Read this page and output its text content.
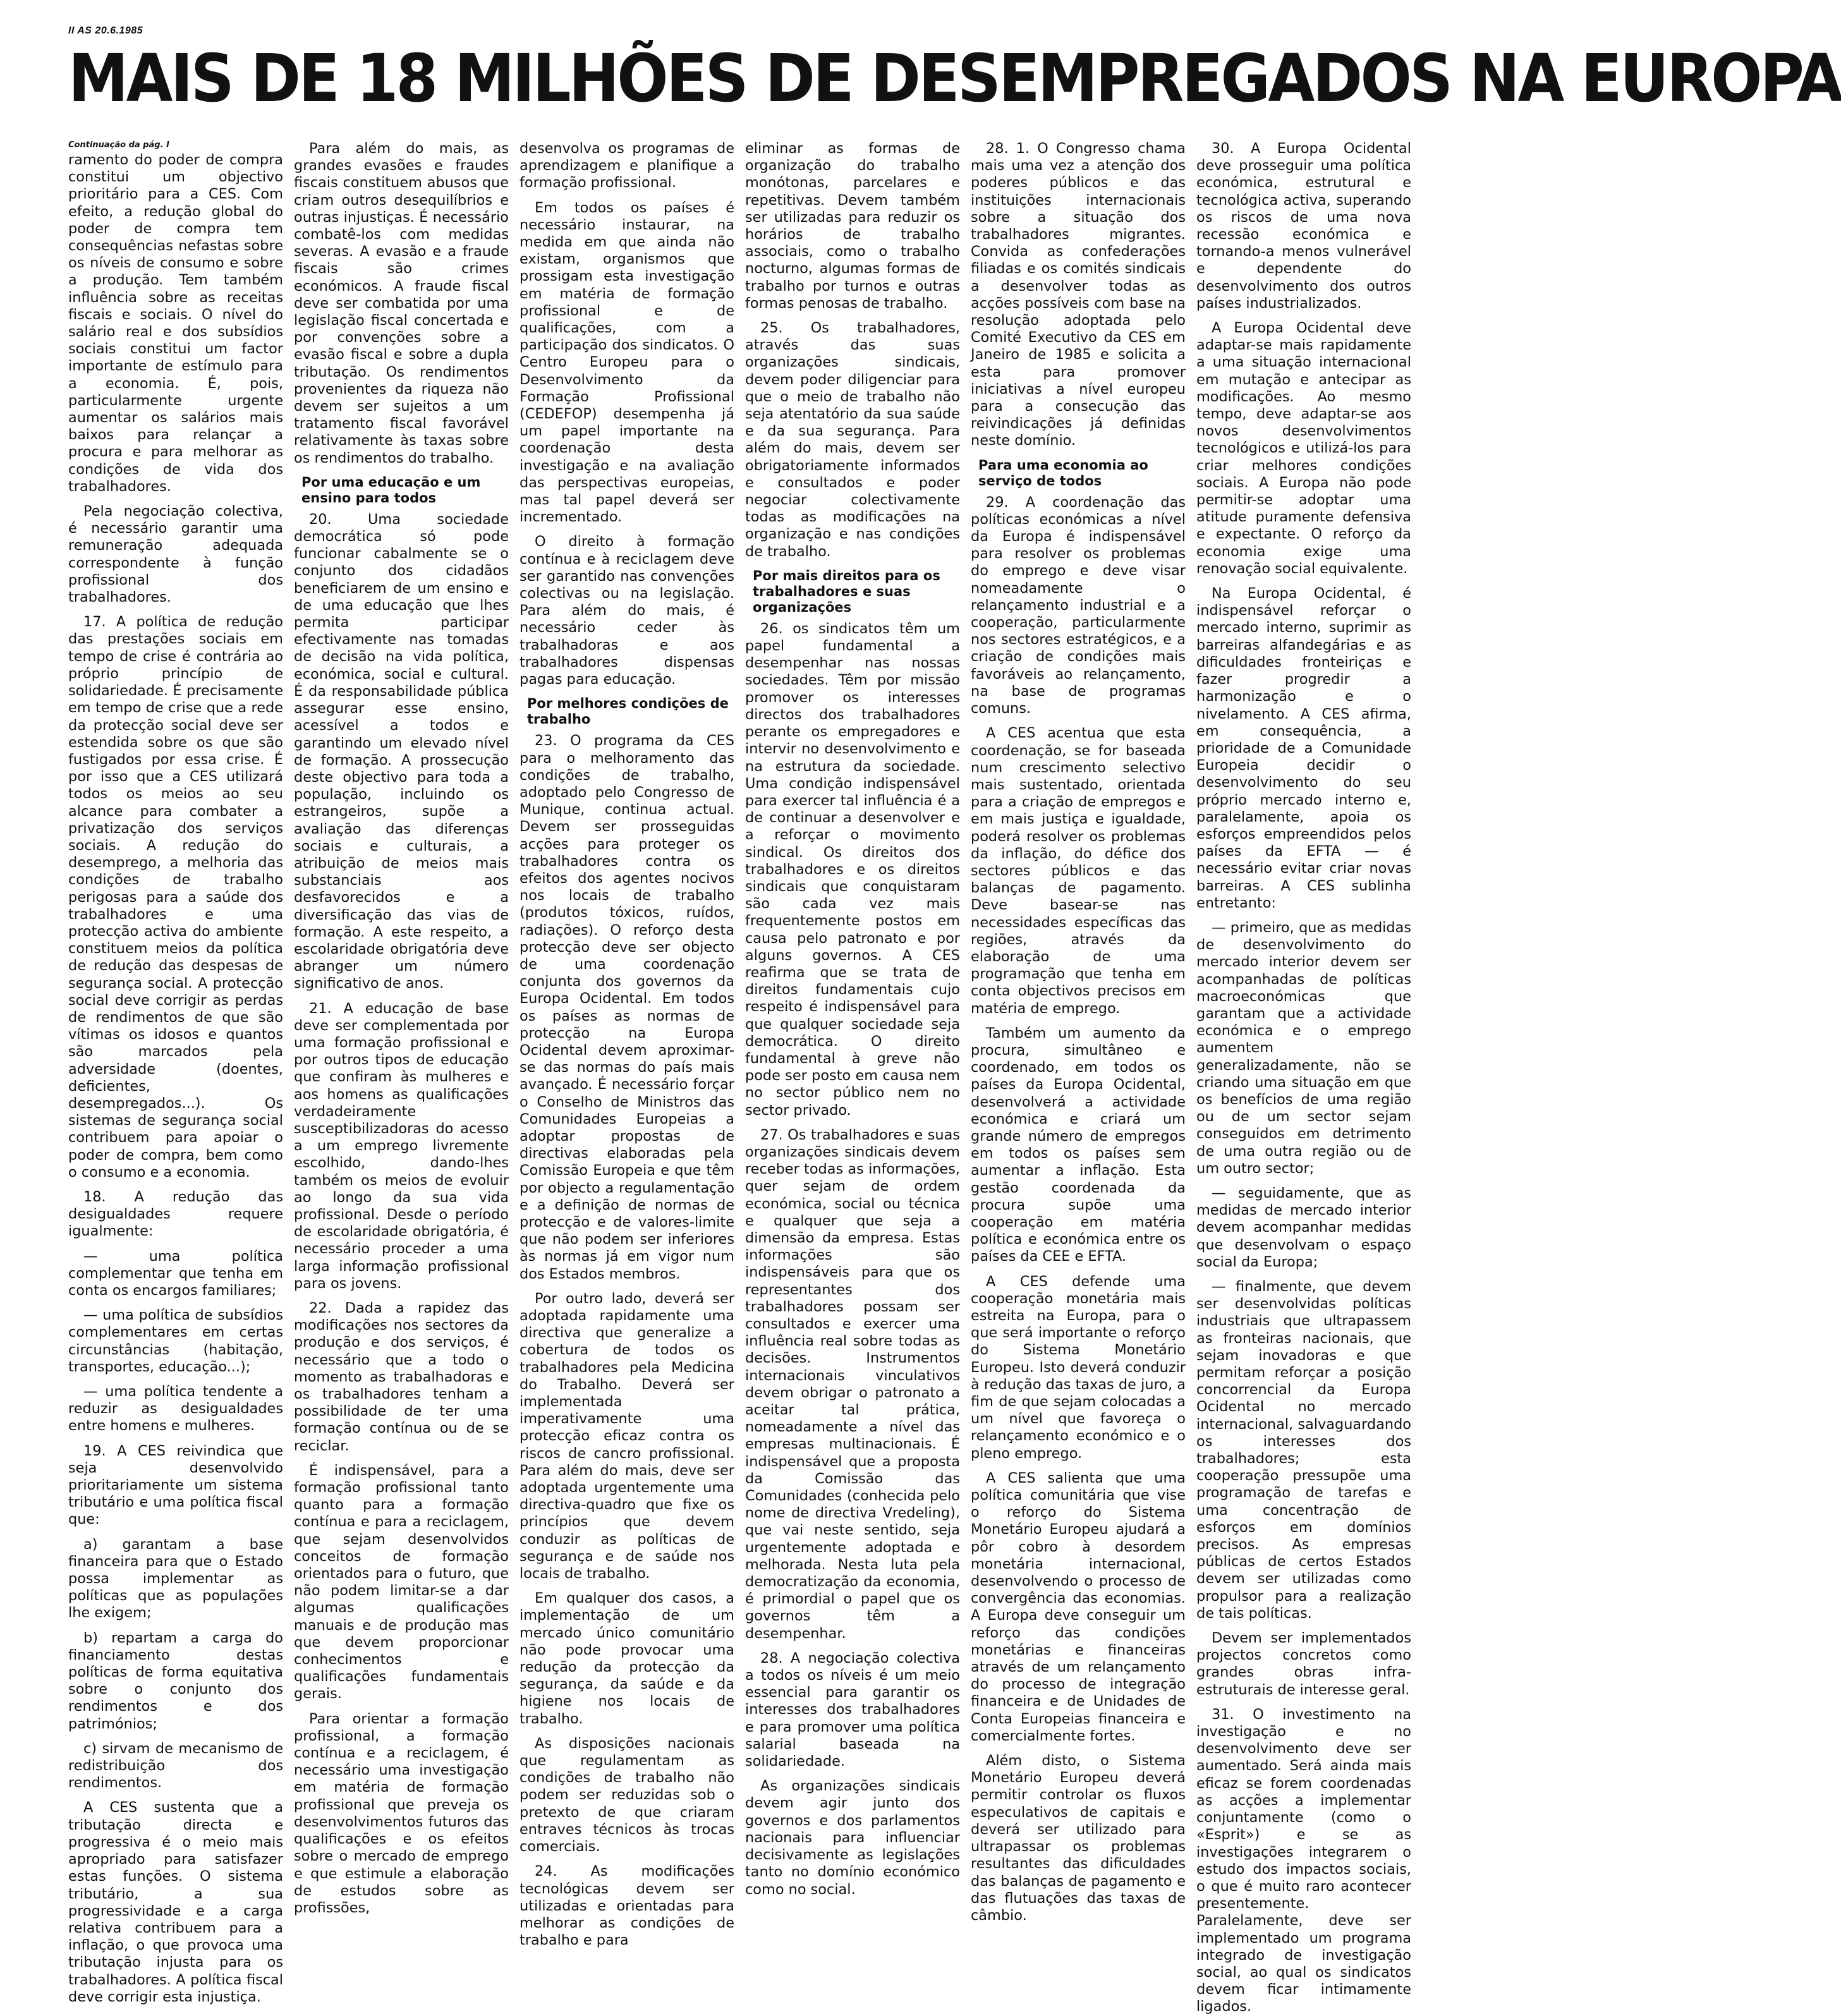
II AS 20.6.1985
MAIS DE 18 MILHÕES DE DESEMPREGADOS NA EUROPA
Continuação da pág. I

ramento do poder de compra constitui um objectivo prioritário para a CES. Com efeito, a redução global do poder de compra tem consequências nefastas sobre os níveis de consumo e sobre a produção. Tem também influência sobre as receitas fiscais e sociais. O nível do salário real e dos subsídios sociais constitui um factor importante de estímulo para a economia. É, pois, particularmente urgente aumentar os salários mais baixos para relançar a procura e para melhorar as condições de vida dos trabalhadores.

Pela negociação colectiva, é necessário garantir uma remuneração adequada correspondente à função profissional dos trabalhadores.

17. A política de redução das prestações sociais em tempo de crise é contrária ao próprio princípio de solidariedade. É precisamente em tempo de crise que a rede da protecção social deve ser estendida sobre os que são fustigados por essa crise. É por isso que a CES utilizará todos os meios ao seu alcance para combater a privatização dos serviços sociais. A redução do desemprego, a melhoria das condições de trabalho perigosas para a saúde dos trabalhadores e uma protecção activa do ambiente constituem meios da política de redução das despesas de segurança social. A protecção social deve corrigir as perdas de rendimentos de que são vítimas os idosos e quantos são marcados pela adversidade (doentes, deficientes, desempregados...). Os sistemas de segurança social contribuem para apoiar o poder de compra, bem como o consumo e a economia.

18. A redução das desigualdades requere igualmente:

— uma política complementar que tenha em conta os encargos familiares;

— uma política de subsídios complementares em certas circunstâncias (habitação, transportes, educação...);

— uma política tendente a reduzir as desigualdades entre homens e mulheres.

19. A CES reivindica que seja desenvolvido prioritariamente um sistema tributário e uma política fiscal que:

a) garantam a base financeira para que o Estado possa implementar as políticas que as populações lhe exigem;

b) repartam a carga do financiamento destas políticas de forma equitativa sobre o conjunto dos rendimentos e dos patrimónios;

c) sirvam de mecanismo de redistribuição dos rendimentos.

A CES sustenta que a tributação directa e progressiva é o meio mais apropriado para satisfazer estas funções. O sistema tributário, a sua progressividade e a carga relativa contribuem para a inflação, o que provoca uma tributação injusta para os trabalhadores. A política fiscal deve corrigir esta injustiça.

Para além do mais, as grandes evasões e fraudes fiscais constituem abusos que criam outros desequilíbrios e outras injustiças. É necessário combatê-los com medidas severas. A evasão e a fraude fiscais são crimes económicos. A fraude fiscal deve ser combatida por uma legislação fiscal concertada e por convenções sobre a evasão fiscal e sobre a dupla tributação. Os rendimentos provenientes da riqueza não devem ser sujeitos a um tratamento fiscal favorável relativamente às taxas sobre os rendimentos do trabalho.

Por uma educação e um ensino para todos

20. Uma sociedade democrática só pode funcionar cabalmente se o conjunto dos cidadãos beneficiarem de um ensino e de uma educação que lhes permita participar efectivamente nas tomadas de decisão na vida política, económica, social e cultural. É da responsabilidade pública assegurar esse ensino, acessível a todos e garantindo um elevado nível de formação. A prossecução deste objectivo para toda a população, incluindo os estrangeiros, supõe a avaliação das diferenças sociais e culturais, a atribuição de meios mais substanciais aos desfavorecidos e a diversificação das vias de formação. A este respeito, a escolaridade obrigatória deve abranger um número significativo de anos.

21. A educação de base deve ser complementada por uma formação profissional e por outros tipos de educação que confiram às mulheres e aos homens as qualificações verdadeiramente susceptibilizadoras do acesso a um emprego livremente escolhido, dando-lhes também os meios de evoluir ao longo da sua vida profissional. Desde o período de escolaridade obrigatória, é necessário proceder a uma larga informação profissional para os jovens.

22. Dada a rapidez das modificações nos sectores da produção e dos serviços, é necessário que a todo o momento as trabalhadoras e os trabalhadores tenham a possibilidade de ter uma formação contínua ou de se reciclar.

É indispensável, para a formação profissional tanto quanto para a formação contínua e para a reciclagem, que sejam desenvolvidos conceitos de formação orientados para o futuro, que não podem limitar-se a dar algumas qualificações manuais e de produção mas que devem proporcionar conhecimentos e qualificações fundamentais gerais.

Para orientar a formação profissional, a formação contínua e a reciclagem, é necessário uma investigação em matéria de formação profissional que preveja os desenvolvimentos futuros das qualificações e os efeitos sobre o mercado de emprego e que estimule a elaboração de estudos sobre as profissões,

desenvolva os programas de aprendizagem e planifique a formação profissional.

Em todos os países é necessário instaurar, na medida em que ainda não existam, organismos que prossigam esta investigação em matéria de formação profissional e de qualificações, com a participação dos sindicatos. O Centro Europeu para o Desenvolvimento da Formação Profissional (CEDEFOP) desempenha já um papel importante na coordenação desta investigação e na avaliação das perspectivas europeias, mas tal papel deverá ser incrementado.

O direito à formação contínua e à reciclagem deve ser garantido nas convenções colectivas ou na legislação. Para além do mais, é necessário ceder às trabalhadoras e aos trabalhadores dispensas pagas para educação.

Por melhores condições de trabalho

23. O programa da CES para o melhoramento das condições de trabalho, adoptado pelo Congresso de Munique, continua actual. Devem ser prosseguidas acções para proteger os trabalhadores contra os efeitos dos agentes nocivos nos locais de trabalho (produtos tóxicos, ruídos, radiações). O reforço desta protecção deve ser objecto de uma coordenação conjunta dos governos da Europa Ocidental. Em todos os países as normas de protecção na Europa Ocidental devem aproximar-se das normas do país mais avançado. É necessário forçar o Conselho de Ministros das Comunidades Europeias a adoptar propostas de directivas elaboradas pela Comissão Europeia e que têm por objecto a regulamentação e a definição de normas de protecção e de valores-limite que não podem ser inferiores às normas já em vigor num dos Estados membros.

Por outro lado, deverá ser adoptada rapidamente uma directiva que generalize a cobertura de todos os trabalhadores pela Medicina do Trabalho. Deverá ser implementada imperativamente uma protecção eficaz contra os riscos de cancro profissional. Para além do mais, deve ser adoptada urgentemente uma directiva-quadro que fixe os princípios que devem conduzir as políticas de segurança e de saúde nos locais de trabalho.

Em qualquer dos casos, a implementação de um mercado único comunitário não pode provocar uma redução da protecção da segurança, da saúde e da higiene nos locais de trabalho.

As disposições nacionais que regulamentam as condições de trabalho não podem ser reduzidas sob o pretexto de que criaram entraves técnicos às trocas comerciais.

24. As modificações tecnológicas devem ser utilizadas e orientadas para melhorar as condições de trabalho e para

eliminar as formas de organização do trabalho monótonas, parcelares e repetitivas. Devem também ser utilizadas para reduzir os horários de trabalho associais, como o trabalho nocturno, algumas formas de trabalho por turnos e outras formas penosas de trabalho.

25. Os trabalhadores, através das suas organizações sindicais, devem poder diligenciar para que o meio de trabalho não seja atentatório da sua saúde e da sua segurança. Para além do mais, devem ser obrigatoriamente informados e consultados e poder negociar colectivamente todas as modificações na organização e nas condições de trabalho.

Por mais direitos para os trabalhadores e suas organizações

26. os sindicatos têm um papel fundamental a desempenhar nas nossas sociedades. Têm por missão promover os interesses directos dos trabalhadores perante os empregadores e intervir no desenvolvimento e na estrutura da sociedade. Uma condição indispensável para exercer tal influência é a de continuar a desenvolver e a reforçar o movimento sindical. Os direitos dos trabalhadores e os direitos sindicais que conquistaram são cada vez mais frequentemente postos em causa pelo patronato e por alguns governos. A CES reafirma que se trata de direitos fundamentais cujo respeito é indispensável para que qualquer sociedade seja democrática. O direito fundamental à greve não pode ser posto em causa nem no sector público nem no sector privado.

27. Os trabalhadores e suas organizações sindicais devem receber todas as informações, quer sejam de ordem económica, social ou técnica e qualquer que seja a dimensão da empresa. Estas informações são indispensáveis para que os representantes dos trabalhadores possam ser consultados e exercer uma influência real sobre todas as decisões. Instrumentos internacionais vinculativos devem obrigar o patronato a aceitar tal prática, nomeadamente a nível das empresas multinacionais. É indispensável que a proposta da Comissão das Comunidades (conhecida pelo nome de directiva Vredeling), que vai neste sentido, seja urgentemente adoptada e melhorada. Nesta luta pela democratização da economia, é primordial o papel que os governos têm a desempenhar.

28. A negociação colectiva a todos os níveis é um meio essencial para garantir os interesses dos trabalhadores e para promover uma política salarial baseada na solidariedade.

As organizações sindicais devem agir junto dos governos e dos parlamentos nacionais para influenciar decisivamente as legislações tanto no domínio económico como no social.

28. 1. O Congresso chama mais uma vez a atenção dos poderes públicos e das instituições internacionais sobre a situação dos trabalhadores migrantes. Convida as confederações filiadas e os comités sindicais a desenvolver todas as acções possíveis com base na resolução adoptada pelo Comité Executivo da CES em Janeiro de 1985 e solicita a esta para promover iniciativas a nível europeu para a consecução das reivindicações já definidas neste domínio.

Para uma economia ao serviço de todos

29. A coordenação das políticas económicas a nível da Europa é indispensável para resolver os problemas do emprego e deve visar nomeadamente o relançamento industrial e a cooperação, particularmente nos sectores estratégicos, e a criação de condições mais favoráveis ao relançamento, na base de programas comuns.

A CES acentua que esta coordenação, se for baseada num crescimento selectivo mais sustentado, orientada para a criação de empregos e em mais justiça e igualdade, poderá resolver os problemas da inflação, do défice dos sectores públicos e das balanças de pagamento. Deve basear-se nas necessidades específicas das regiões, através da elaboração de uma programação que tenha em conta objectivos precisos em matéria de emprego.

Também um aumento da procura, simultâneo e coordenado, em todos os países da Europa Ocidental, desenvolverá a actividade económica e criará um grande número de empregos em todos os países sem aumentar a inflação. Esta gestão coordenada da procura supõe uma cooperação em matéria política e económica entre os países da CEE e EFTA.

A CES defende uma cooperação monetária mais estreita na Europa, para o que será importante o reforço do Sistema Monetário Europeu. Isto deverá conduzir à redução das taxas de juro, a fim de que sejam colocadas a um nível que favoreça o relançamento económico e o pleno emprego.

A CES salienta que uma política comunitária que vise o reforço do Sistema Monetário Europeu ajudará a pôr cobro à desordem monetária internacional, desenvolvendo o processo de convergência das economias. A Europa deve conseguir um reforço das condições monetárias e financeiras através de um relançamento do processo de integração financeira e de Unidades de Conta Europeias financeira e comercialmente fortes.

Além disto, o Sistema Monetário Europeu deverá permitir controlar os fluxos especulativos de capitais e deverá ser utilizado para ultrapassar os problemas resultantes das dificuldades das balanças de pagamento e das flutuações das taxas de câmbio.

30. A Europa Ocidental deve prosseguir uma política económica, estrutural e tecnológica activa, superando os riscos de uma nova recessão económica e tornando-a menos vulnerável e dependente do desenvolvimento dos outros países industrializados.

A Europa Ocidental deve adaptar-se mais rapidamente a uma situação internacional em mutação e antecipar as modificações. Ao mesmo tempo, deve adaptar-se aos novos desenvolvimentos tecnológicos e utilizá-los para criar melhores condições sociais. A Europa não pode permitir-se adoptar uma atitude puramente defensiva e expectante. O reforço da economia exige uma renovação social equivalente.

Na Europa Ocidental, é indispensável reforçar o mercado interno, suprimir as barreiras alfandegárias e as dificuldades fronteiriças e fazer progredir a harmonização e o nivelamento. A CES afirma, em consequência, a prioridade de a Comunidade Europeia decidir o desenvolvimento do seu próprio mercado interno e, paralelamente, apoia os esforços empreendidos pelos países da EFTA — é necessário evitar criar novas barreiras. A CES sublinha entretanto:

— primeiro, que as medidas de desenvolvimento do mercado interior devem ser acompanhadas de políticas macroeconómicas que garantam que a actividade económica e o emprego aumentem generalizadamente, não se criando uma situação em que os benefícios de uma região ou de um sector sejam conseguidos em detrimento de uma outra região ou de um outro sector;

— seguidamente, que as medidas de mercado interior devem acompanhar medidas que desenvolvam o espaço social da Europa;

— finalmente, que devem ser desenvolvidas políticas industriais que ultrapassem as fronteiras nacionais, que sejam inovadoras e que permitam reforçar a posição concorrencial da Europa Ocidental no mercado internacional, salvaguardando os interesses dos trabalhadores; esta cooperação pressupõe uma programação de tarefas e uma concentração de esforços em domínios precisos. As empresas públicas de certos Estados devem ser utilizadas como propulsor para a realização de tais políticas.

Devem ser implementados projectos concretos como grandes obras infra-estruturais de interesse geral.

31. O investimento na investigação e no desenvolvimento deve ser aumentado. Será ainda mais eficaz se forem coordenadas as acções a implementar conjuntamente (como o «Esprit») e se as investigações integrarem o estudo dos impactos sociais, o que é muito raro acontecer presentemente. Paralelamente, deve ser implementado um programa integrado de investigação social, ao qual os sindicatos devem ficar intimamente ligados.
